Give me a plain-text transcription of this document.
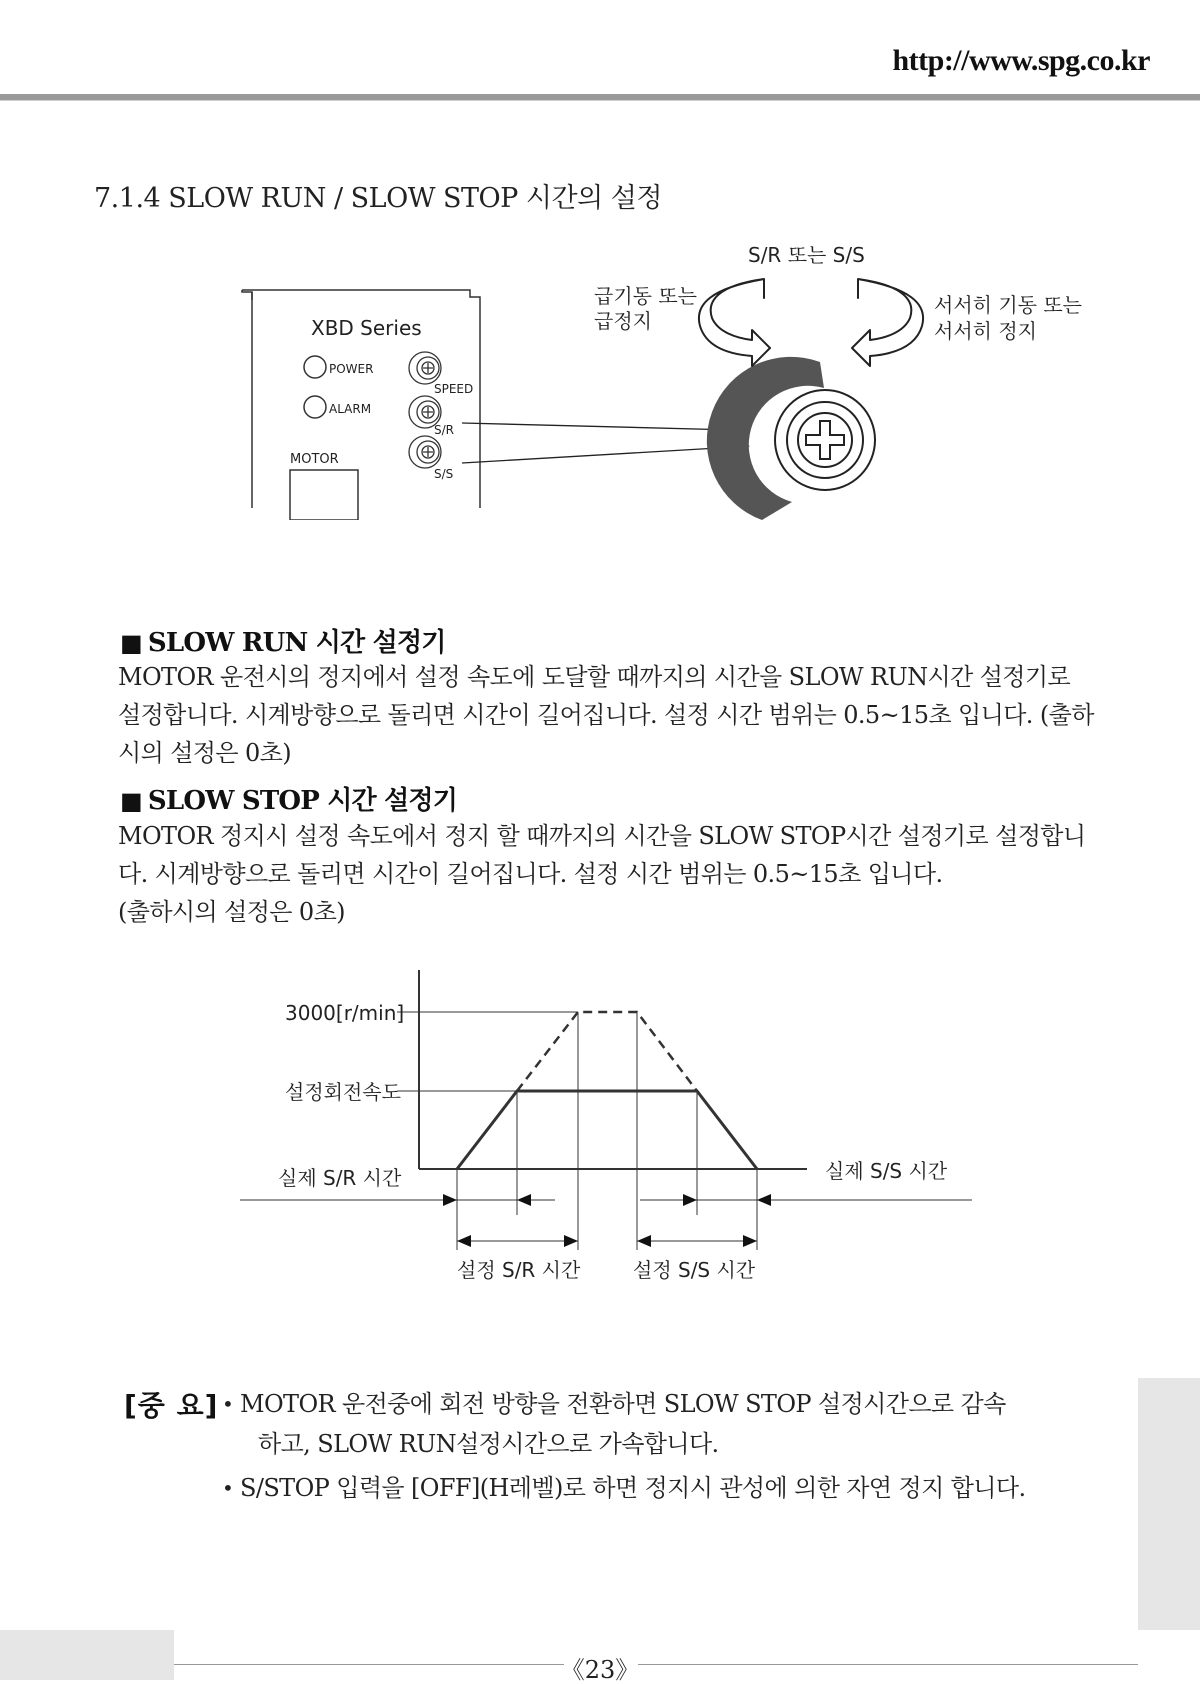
http://www.spg.co.kr
7.1.4 SLOW RUN / SLOW STOP 시간의 설정
XBD Series
POWER
ALARM
MOTOR
SPEED
S/R
S/S
S/R 또는 S/S
급기동 또는
급정지
서서히 기동 또는
서서히 정지
■ SLOW RUN 시간 설정기
MOTOR 운전시의 정지에서 설정 속도에 도달할 때까지의 시간을 SLOW RUN시간 설정기로
설정합니다. 시계방향으로 돌리면 시간이 길어집니다. 설정 시간 범위는 0.5~15초 입니다. (출하
시의 설정은 0초)
■ SLOW STOP 시간 설정기
MOTOR 정지시 설정 속도에서 정지 할 때까지의 시간을 SLOW STOP시간 설정기로 설정합니
다. 시계방향으로 돌리면 시간이 길어집니다. 설정 시간 범위는 0.5~15초 입니다.
(출하시의 설정은 0초)
3000[r/min]
설정회전속도
실제 S/R 시간	실제 S/S 시간
설정 S/R 시간	설정 S/S 시간
[중 요] • MOTOR 운전중에 회전 방향을 전환하면 SLOW STOP 설정시간으로 감속
하고, SLOW RUN설정시간으로 가속합니다.
• S/STOP 입력을 [OFF](H레벨)로 하면 정지시 관성에 의한 자연 정지 합니다.
《23》
